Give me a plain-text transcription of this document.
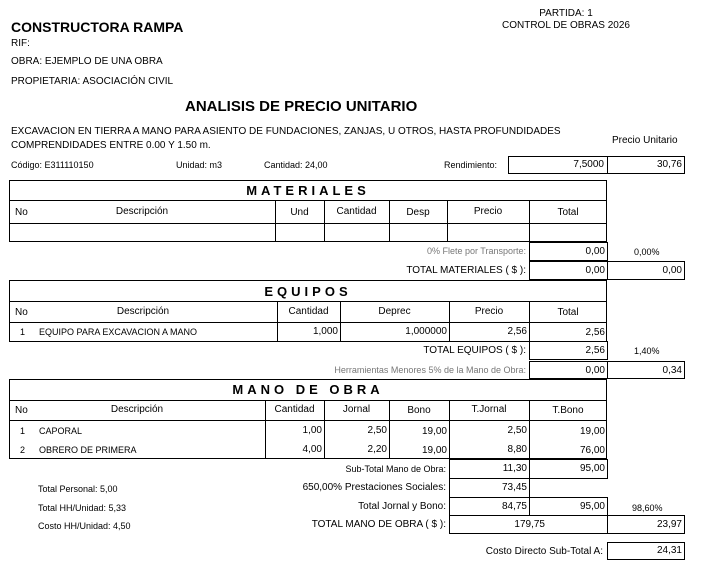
CONSTRUCTORA RAMPA
RIF:
PARTIDA: 1
CONTROL DE OBRAS 2026
OBRA: EJEMPLO DE UNA OBRA
PROPIETARIA: ASOCIACIÓN CIVIL
ANALISIS DE PRECIO UNITARIO
EXCAVACION EN TIERRA A MANO PARA ASIENTO DE FUNDACIONES, ZANJAS, U OTROS, HASTA PROFUNDIDADES
COMPRENDIDADES ENTRE 0.00 Y 1.50 m.	Precio Unitario
Código: E311110150	Unidad: m3	Cantidad: 24,00	Rendimiento:	7,5000	30,76
MATERIALES
No	Descripción	Und	Cantidad	Desp	Precio	Total
0% Flete por Transporte:	0,00	0,00%
TOTAL MATERIALES ( $ ):	0,00	0,00
EQUIPOS
No	Descripción	Cantidad	Deprec	Precio	Total
1 EQUIPO PARA EXCAVACION A MANO	1,000	1,000000	2,56	2,56
TOTAL EQUIPOS ( $ ):	2,56	1,40%
Herramientas Menores 5% de la Mano de Obra:	0,00	0,34
MANO DE OBRA
No	Descripción	Cantidad	Jornal	Bono	T.Jornal	T.Bono
1 CAPORAL	1,00	2,50	19,00	2,50	19,00
2 OBRERO DE PRIMERA	4,00	2,20	19,00	8,80	76,00
Sub-Total Mano de Obra:	11,30	95,00
Total Personal: 5,00	650,00% Prestaciones Sociales:	73,45
Total HH/Unidad: 5,33	Total Jornal y Bono:	84,75	95,00	98,60%
Costo HH/Unidad: 4,50	TOTAL MANO DE OBRA ( $ ):	179,75	23,97
Costo Directo Sub-Total A:	24,31
